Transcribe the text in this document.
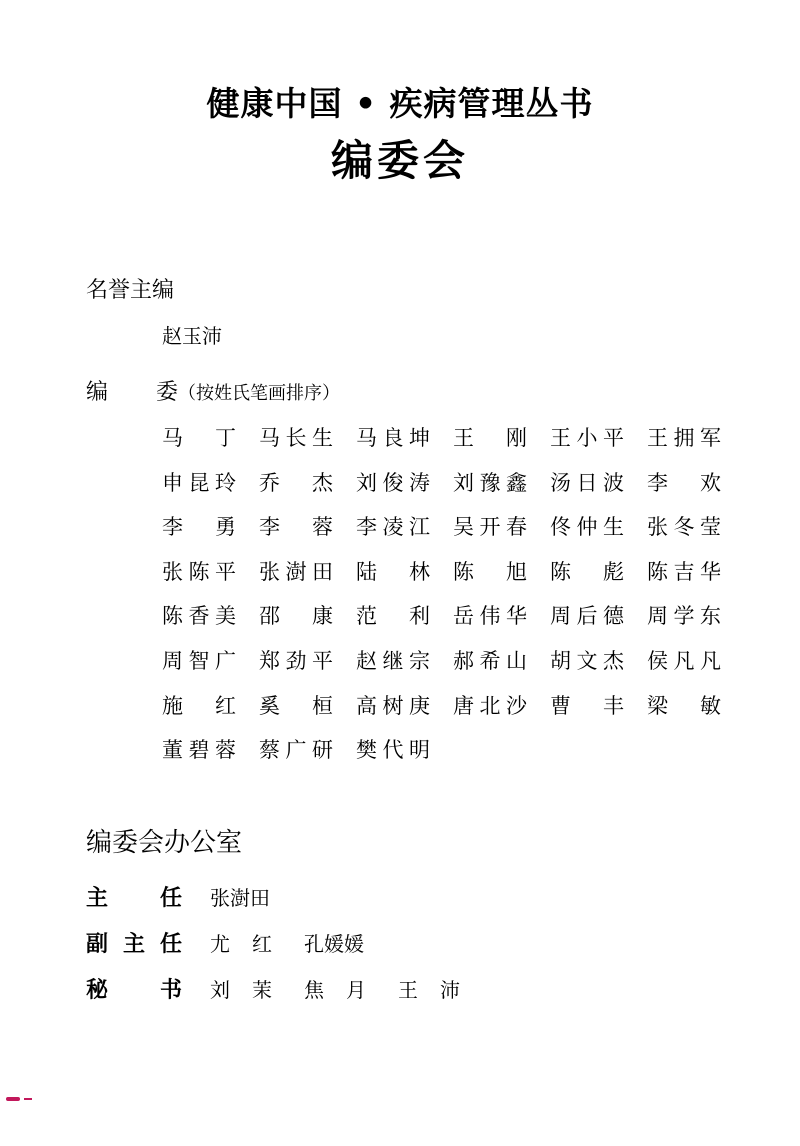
健康中国 • 疾病管理丛书
编委会
名誉主编
赵玉沛
编 委（按姓氏笔画排序）
马 丁 马 长 生 马 良 坤 王 刚 王 小 平 王 拥 军
申 昆 玲 乔 杰 刘 俊 涛 刘 豫 鑫 汤 日 波 李 欢
李 勇 李 蓉 李 凌 江 吴 开 春 佟 仲 生 张 冬 莹
张 陈 平 张 澍 田 陆 林 陈 旭 陈 彪 陈 吉 华
陈 香 美 邵 康 范 利 岳 伟 华 周 后 德 周 学 东
周 智 广 郑 劲 平 赵 继 宗 郝 希 山 胡 文 杰 侯 凡 凡
施 红 奚 桓 高 树 庚 唐 北 沙 曹 丰 梁 敏
董 碧 蓉 蔡 广 研 樊 代 明
编委会办公室
主 任 张澍田
副 主 任 尤 红 孔媛媛
秘 书 刘 茉 焦 月 王 沛
